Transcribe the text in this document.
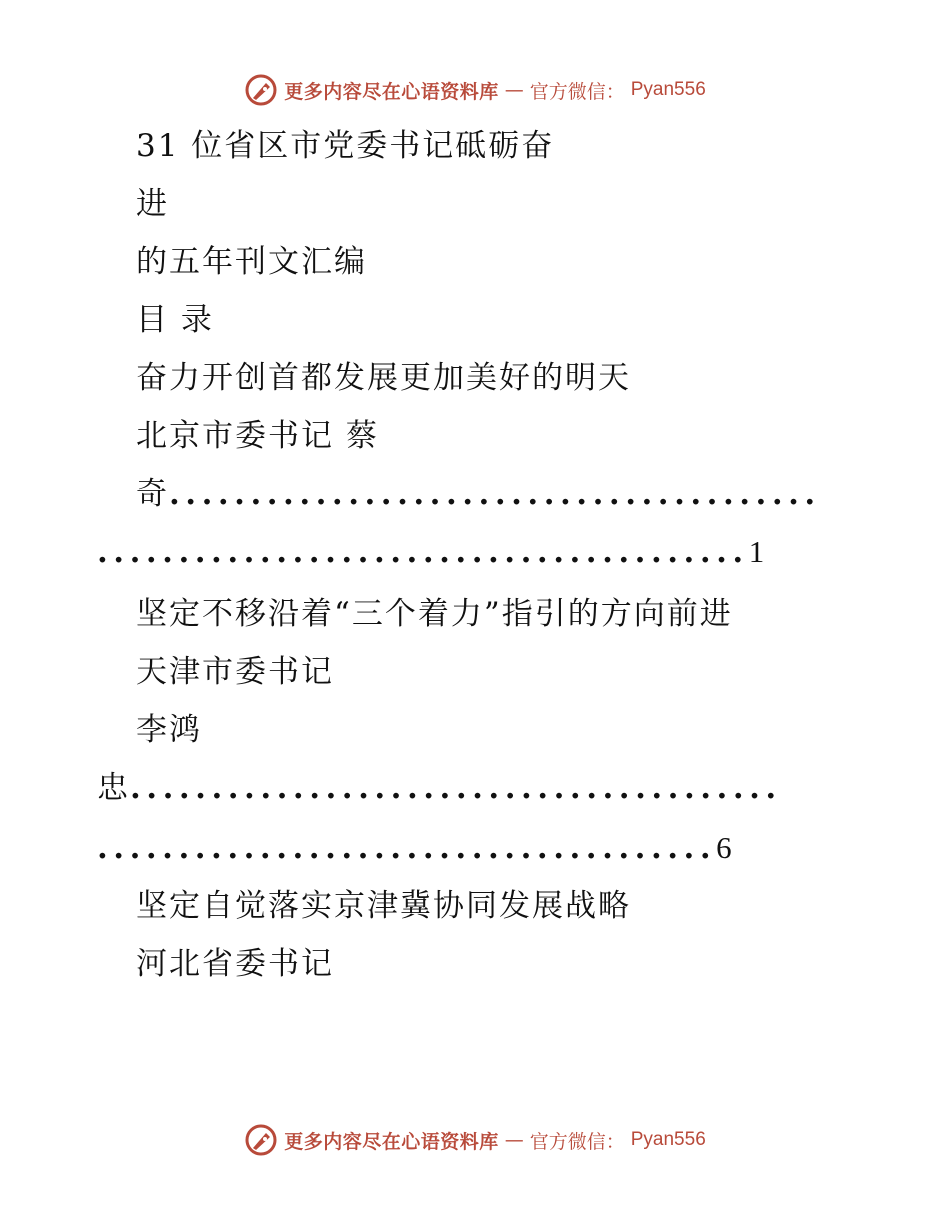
更多内容尽在心语资料库 — 官方微信： Pyan556
31 位省区市党委书记砥砺奋
进
的五年刊文汇编
目 录
奋力开创首都发展更加美好的明天
北京市委书记 蔡
奇........................................
........................................1
坚定不移沿着“三个着力”指引的方向前进
天津市委书记
李鸿
忠........................................
......................................6
坚定自觉落实京津冀协同发展战略
河北省委书记
更多内容尽在心语资料库 — 官方微信： Pyan556
